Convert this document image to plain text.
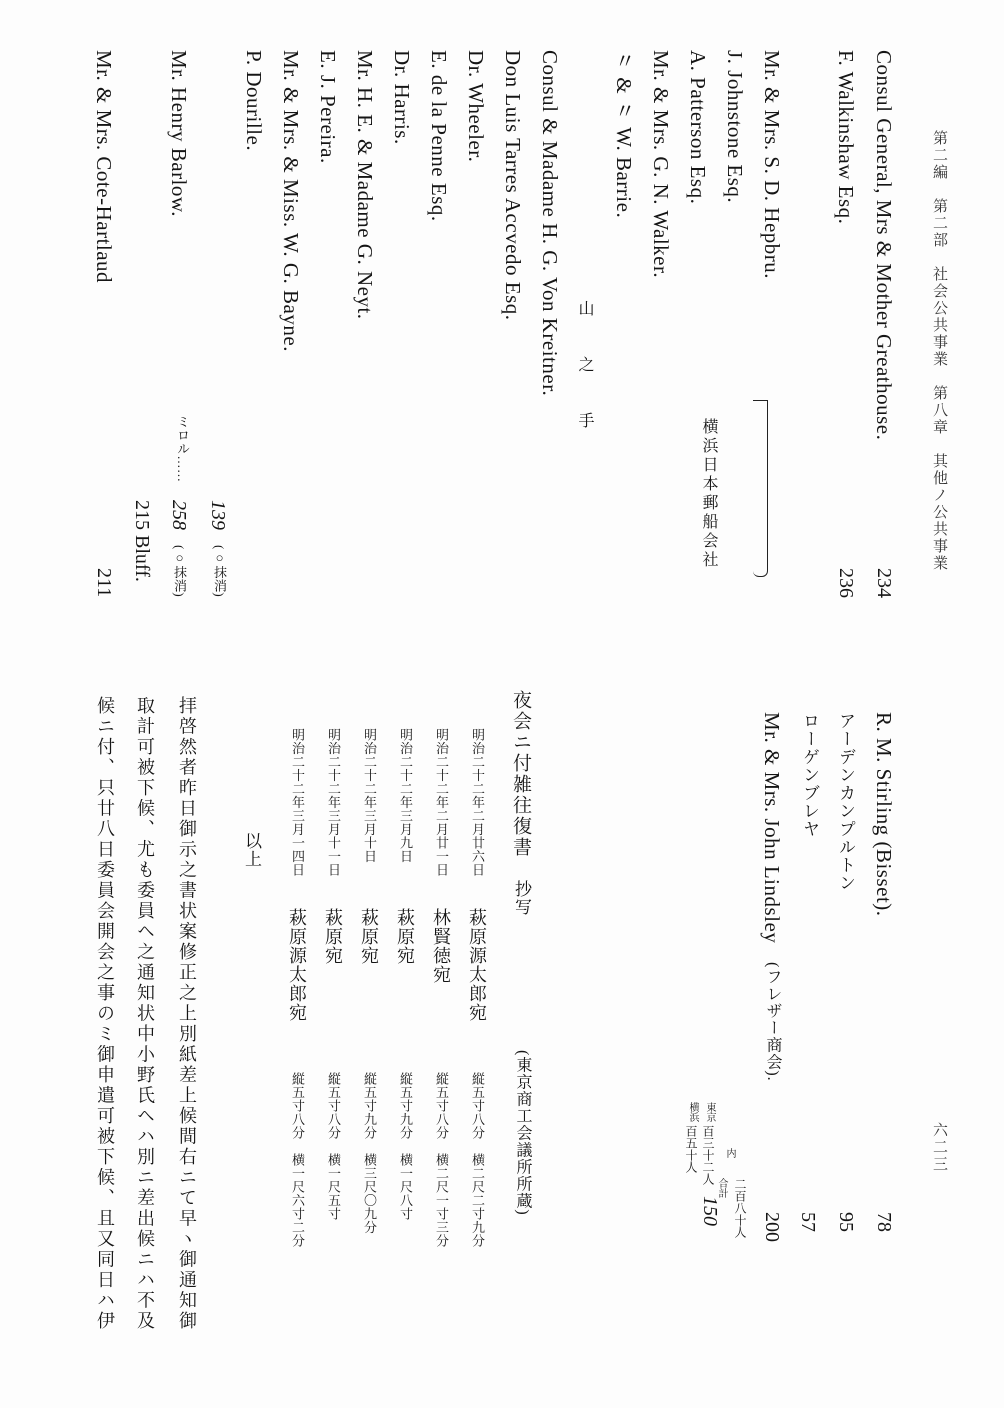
第二編　第二部　社会公共事業　第八章　其他ノ公共事業
六二三
Consul General, Mrs & Mother Greathouse.
F. Walkinshaw Esq.
Mr. & Mrs. S. D. Hepbru.
J. Johnstone Esq.
A. Patterson Esq.
Mr. & Mrs. G. N. Walker.
〃 & 〃 W. Barrie.
Consul & Madame H. G. Von Kreitner.
Don Luis Tarres Accvedo Esq.
Dr. Wheeler.
E. de la Penne Esq.
Dr. Harris.
Mr. H. E. & Madame G. Neyt.
E. J. Pereira.
Mr. & Mrs. & Miss. W. G. Bayne.
P. Dourille.
Mr. Henry Barlow.
Mr. & Mrs. Cote-Hartlaud
横浜日本郵船会社
山　之　手
234
236
139
(○抹消)
ミロル……
258
(○抹消)
215 Bluff.
211
R. M. Stirling (Bisset).
アーデンカンプルトン
ローゲンブレヤ
Mr. & Mrs. John Lindsley
(フレザー商会).
78
95
57
200
150
東京
百三十二人
横浜
百五十人	内
合計 二百八十人
夜会ニ付雑往復書
抄写
(東京商工会議所所蔵)
明治二十二年二月廿六日
萩原源太郎宛
縦五寸八分　横二尺二寸九分
明治二十二年二月廿一日
林賢徳宛
縦五寸八分　横二尺一寸三分
明治二十二年三月九日
萩原宛
縦五寸九分　横一尺八寸
明治二十二年三月十日
萩原宛
縦五寸九分　横三尺〇九分
明治二十二年三月十一日
萩原宛
縦五寸八分　横一尺五寸
明治二十二年三月一四日
萩原源太郎宛
縦五寸八分　横一尺六寸二分
以上
拝啓然者昨日御示之書状案修正之上別紙差上候間右ニて早ヽ御通知御
取計可被下候、尤も委員ヘ之通知状中小野氏ヘハ別ニ差出候ニハ不及
候ニ付、只廿八日委員会開会之事のミ御申遣可被下候、且又同日ハ伊
